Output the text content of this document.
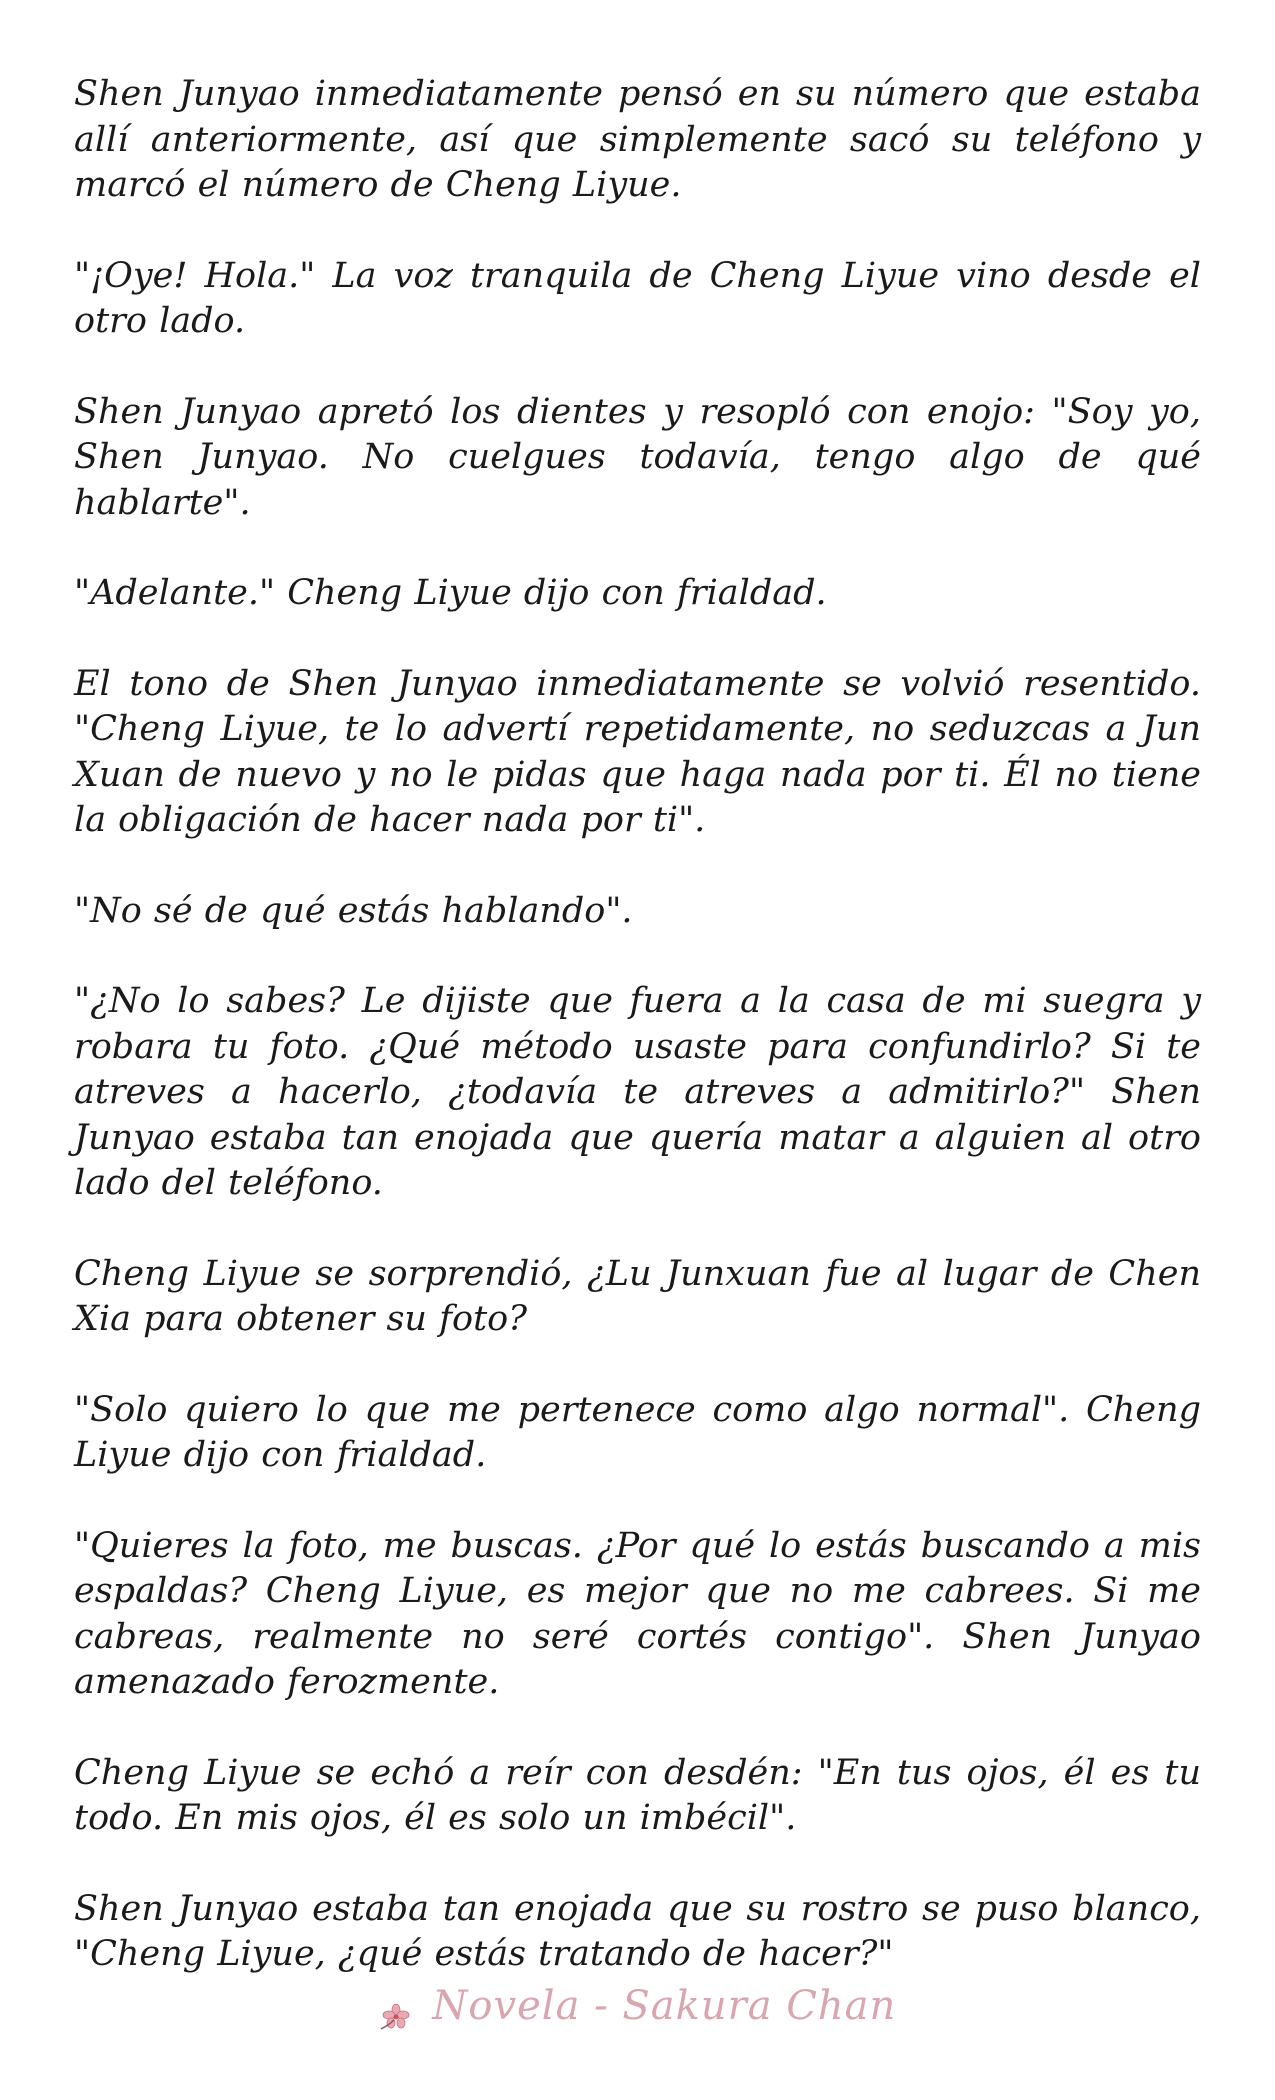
Shen Junyao inmediatamente pensó en su número que estaba allí anteriormente, así que simplemente sacó su teléfono y marcó el número de Cheng Liyue.

"¡Oye! Hola." La voz tranquila de Cheng Liyue vino desde el otro lado.

Shen Junyao apretó los dientes y resopló con enojo: "Soy yo, Shen Junyao. No cuelgues todavía, tengo algo de qué hablarte".

"Adelante." Cheng Liyue dijo con frialdad.

El tono de Shen Junyao inmediatamente se volvió resentido. "Cheng Liyue, te lo advertí repetidamente, no seduzcas a Jun Xuan de nuevo y no le pidas que haga nada por ti. Él no tiene la obligación de hacer nada por ti".

"No sé de qué estás hablando".

"¿No lo sabes? Le dijiste que fuera a la casa de mi suegra y robara tu foto. ¿Qué método usaste para confundirlo? Si te atreves a hacerlo, ¿todavía te atreves a admitirlo?" Shen Junyao estaba tan enojada que quería matar a alguien al otro lado del teléfono.

Cheng Liyue se sorprendió, ¿Lu Junxuan fue al lugar de Chen Xia para obtener su foto?

"Solo quiero lo que me pertenece como algo normal". Cheng Liyue dijo con frialdad.

"Quieres la foto, me buscas. ¿Por qué lo estás buscando a mis espaldas? Cheng Liyue, es mejor que no me cabrees. Si me cabreas, realmente no seré cortés contigo". Shen Junyao amenazado ferozmente.

Cheng Liyue se echó a reír con desdén: "En tus ojos, él es tu todo. En mis ojos, él es solo un imbécil".

Shen Junyao estaba tan enojada que su rostro se puso blanco, "Cheng Liyue, ¿qué estás tratando de hacer?"

Novela - Sakura Chan
